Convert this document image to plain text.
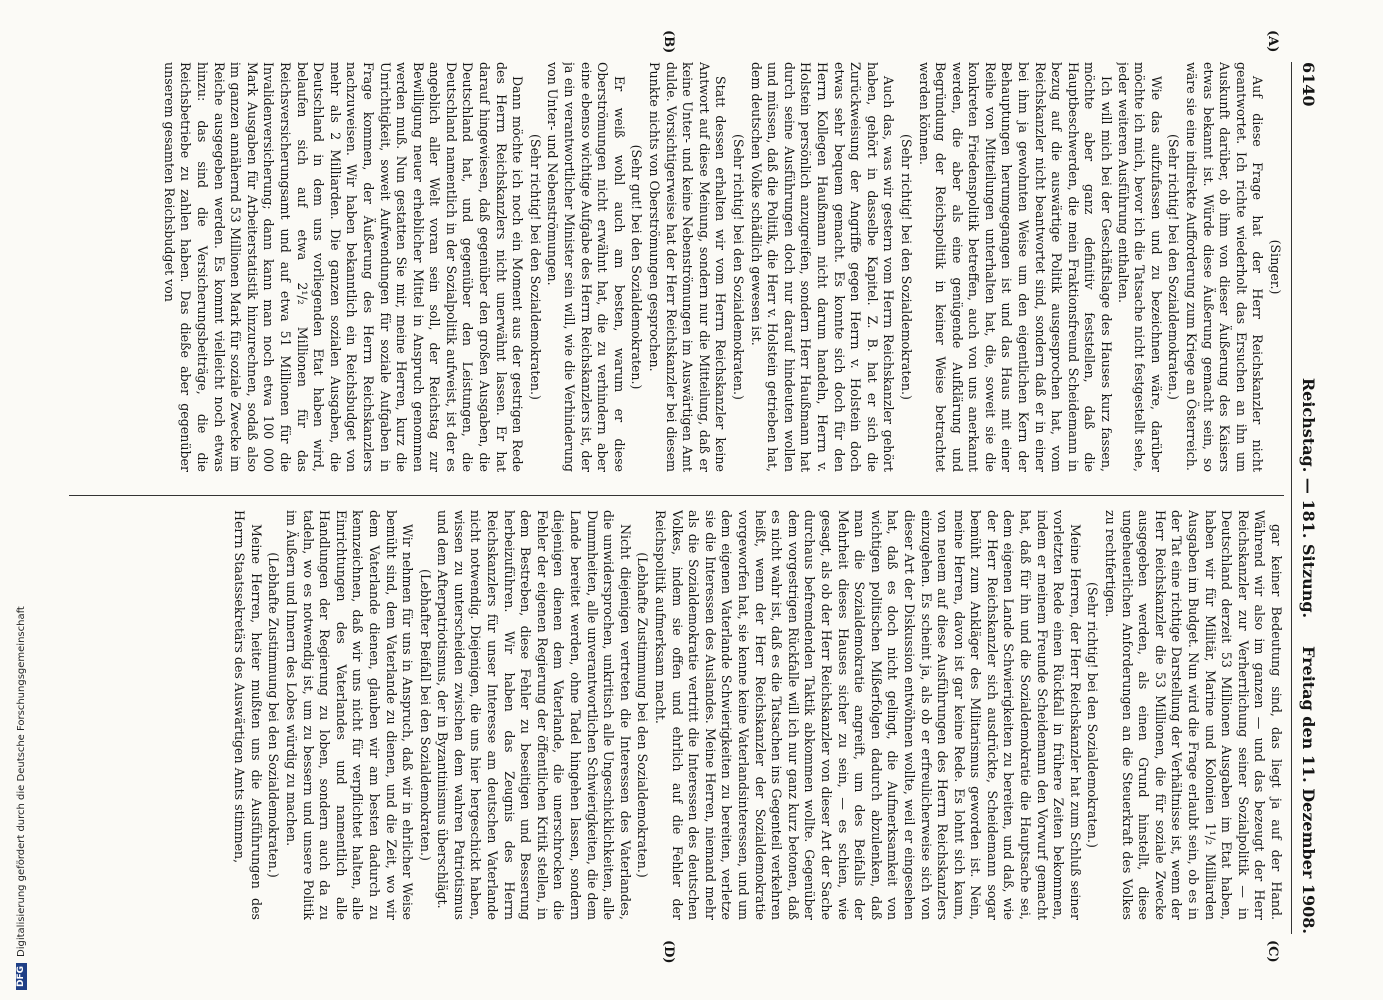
DFGDigitalisierung gefördert durch die Deutsche Forschungsgemeinschaft
6140
Reichstag. — 181. Sitzung.
Freitag den 11. Dezember 1908.
(A)
(B)
(C)
(D)
(Singer.)

Auf diese Frage hat der Herr Reichskanzler nicht geantwortet. Ich richte wiederholt das Ersuchen an ihn um Auskunft darüber, ob ihm von dieser Äußerung des Kaisers etwas bekannt ist. Würde diese Äußerung gemacht sein, so wäre sie eine indirekte Aufforderung zum Kriege an Österreich.

(Sehr richtig! bei den Sozialdemokraten.)

Wie das aufzufassen und zu bezeichnen wäre, darüber möchte ich mich, bevor ich die Tatsache nicht festgestellt sehe, jeder weiteren Ausführung enthalten.

Ich will mich bei der Geschäftslage des Hauses kurz fassen, möchte aber ganz definitiv feststellen, daß die Hauptbeschwerden, die mein Fraktionsfreund Scheidemann in bezug auf die auswärtige Politik ausgesprochen hat, vom Reichskanzler nicht beantwortet sind, sondern daß er in einer bei ihm ja gewohnten Weise um den eigentlichen Kern der Behauptungen herumgegangen ist und das Haus mit einer Reihe von Mitteilungen unterhalten hat, die, soweit sie die konkreten Friedenspolitik betreffen, auch von uns anerkannt werden, die aber als eine genügende Aufklärung und Begründung der Reichspolitik in keiner Weise betrachtet werden können.

(Sehr richtig! bei den Sozialdemokraten.)

Auch das, was wir gestern vom Herrn Reichskanzler gehört haben, gehört in dasselbe Kapitel. Z. B. hat er sich die Zurückweisung der Angriffe gegen Herrn v. Holstein doch etwas sehr bequem gemacht. Es konnte sich doch für den Herrn Kollegen Haußmann nicht darum handeln, Herrn v. Holstein persönlich anzugreifen, sondern Herr Haußmann hat durch seine Ausführungen doch nur darauf hindeuten wollen und müssen, daß die Politik, die Herr v. Holstein getrieben hat, dem deutschen Volke schädlich gewesen ist.

(Sehr richtig! bei den Sozialdemokraten.)

Statt dessen erhalten wir vom Herrn Reichskanzler keine Antwort auf diese Meinung, sondern nur die Mitteilung, daß er keine Unter- und keine Nebenströmungen im Auswärtigen Amt dulde. Vorsichtigerweise hat der Herr Reichskanzler bei diesem Punkte nichts von Oberströmungen gesprochen.

(Sehr gut! bei den Sozialdemokraten.)

Er weiß wohl auch am besten, warum er diese Oberströmungen nicht erwähnt hat, die zu verhindern aber eine ebenso wichtige Aufgabe des Herrn Reichskanzlers ist, der ja ein verantwortlicher Minister sein will, wie die Verhinderung von Unter- und Nebenströmungen.

(Sehr richtig! bei den Sozialdemokraten.)

Dann möchte ich noch ein Moment aus der gestrigen Rede des Herrn Reichskanzlers nicht unerwähnt lassen. Er hat darauf hingewiesen, daß gegenüber den großen Ausgaben, die Deutschland hat, und gegenüber den Leistungen, die Deutschland namentlich in der Sozialpolitik aufweist, ist der es angeblich aller Welt voran sein soll, der Reichstag zur Bewilligung neuer erheblicher Mittel in Anspruch genommen werden muß. Nun gestatten Sie mir, meine Herren, kurz die Unrichtigkeit, soweit Aufwendungen für soziale Aufgaben in Frage kommen, der Äußerung des Herrn Reichskanzlers nachzuweisen. Wir haben bekanntlich ein Reichsbudget von mehr als 2 Milliarden. Die ganzen sozialen Ausgaben, die Deutschland in dem uns vorliegenden Etat haben wird, belaufen sich auf etwa 2¹/₂ Millionen für das Reichsversicherungsamt und auf etwa 51 Millionen für die Invalidenversicherung; dann kann man noch etwa 100 000 Mark Ausgaben für Arbeiterstatistik hinzurechnen, sodaß also im ganzen annähernd 53 Millionen Mark für soziale Zwecke im Reiche ausgegeben werden. Es kommt vielleicht noch etwas hinzu: das sind die Versicherungsbeiträge, die die Reichsbetriebe zu zahlen haben. Das dieße aber gegenüber unserem gesamten Reichsbudget von

gar keiner Bedeutung sind, das liegt ja auf der Hand. Während wir also im ganzen — und das bezeugt der Herr Reichskanzler zur Verherrlichung seiner Sozialpolitik — in Deutschland derzeit 53 Millionen Ausgaben im Etat haben, haben wir für Militär, Marine und Kolonien 1¹/₂ Milliarden Ausgaben im Budget. Nun wird die Frage erlaubt sein, ob es in der Tat eine richtige Darstellung der Verhältnisse ist, wenn der Herr Reichskanzler die 53 Millionen, die für soziale Zwecke ausgegeben werden, als einen Grund hinstellt, diese ungeheuerlichen Anforderungen an die Steuerkraft des Volkes zu rechtfertigen.

(Sehr richtig! bei den Sozialdemokraten.)

Meine Herren, der Herr Reichskanzler hat zum Schluß seiner vorletzten Rede einen Rückfall in frühere Zeiten bekommen, indem er meinem Freunde Scheidemann den Vorwurf gemacht hat, daß für ihn und die Sozialdemokratie die Hauptsache sei, dem eigenen Lande Schwierigkeiten zu bereiten, und daß, wie der Herr Reichskanzler sich ausdrückte, Scheidemann sogar bemüht zum Ankläger des Militarismus geworden ist. Nein, meine Herren, davon ist gar keine Rede. Es lohnt sich kaum, von neuem auf diese Ausführungen des Herrn Reichskanzlers einzugehen. Es scheint ja, als ob er erfreulicherweise sich von dieser Art der Diskussion entwöhnen wollte, weil er eingesehen hat, daß es doch nicht gelingt, die Aufmerksamkeit von wichtigen politischen Mißerfolgen dadurch abzulenken, daß man die Sozialdemokratie angreift, um des Beifalls der Mehrheit dieses Hauses sicher zu sein, — es schien, wie gesagt, als ob der Herr Reichskanzler von dieser Art der Sache durchaus befremdenden Taktik abkommen wollte. Gegenüber dem vorgestrigen Rückfalle will ich nur ganz kurz betonen, daß es nicht wahr ist, daß es die Tatsachen ins Gegenteil verkehren heißt, wenn der Herr Reichskanzler der Sozialdemokratie vorgeworfen hat, sie kenne keine Vaterlandsinteressen, und um dem eigenen Vaterlande Schwierigkeiten zu bereiten, verletze sie die Interessen des Auslandes. Meine Herren, niemand mehr als die Sozialdemokratie vertritt die Interessen des deutschen Volkes, indem sie offen und ehrlich auf die Fehler der Reichspolitik aufmerksam macht.

(Lebhafte Zustimmung bei den Sozialdemokraten.)

Nicht diejenigen vertreten die Interessen des Vaterlandes, die unwidersprochen, unkritisch alle Ungeschicklichkeiten, alle Dummheiten, alle unverantwortlichen Schwierigkeiten, die dem Lande bereitet werden, ohne Tadel hingehen lassen, sondern diejenigen dienen dem Vaterlande, die unerschrocken die Fehler der eigenen Regierung der öffentlichen Kritik stellen, in dem Bestreben, diese Fehler zu beseitigen und Besserung herbeizuführen. Wir haben das Zeugnis des Herrn Reichskanzlers für unser Interesse am deutschen Vaterlande nicht notwendig. Diejenigen, die uns hier hergeschickt haben, wissen zu unterscheiden zwischen dem wahren Patriotismus und dem Afterpatriotismus, der in Byzantinismus überschlägt.

(Lebhafter Beifall bei den Sozialdemokraten.)

Wir nehmen für uns in Anspruch, daß wir in ehrlicher Weise bemüht sind, dem Vaterlande zu dienen, und die Zeit, wo wir dem Vaterlande dienen, glauben wir am besten dadurch zu kennzeichnen, daß wir uns nicht für verpflichtet halten, alle Einrichtungen des Vaterlandes und namentlich alle Handlungen der Regierung zu loben, sondern auch da zu tadeln, wo es notwendig ist, um zu bessern und unsere Politik im Äußern und Innern des Lobes würdig zu machen.

(Lebhafte Zustimmung bei den Sozialdemokraten.)

Meine Herren, heiter mußten uns die Ausführungen des Herrn Staatssekretärs des Auswärtigen Amts stimmen,
